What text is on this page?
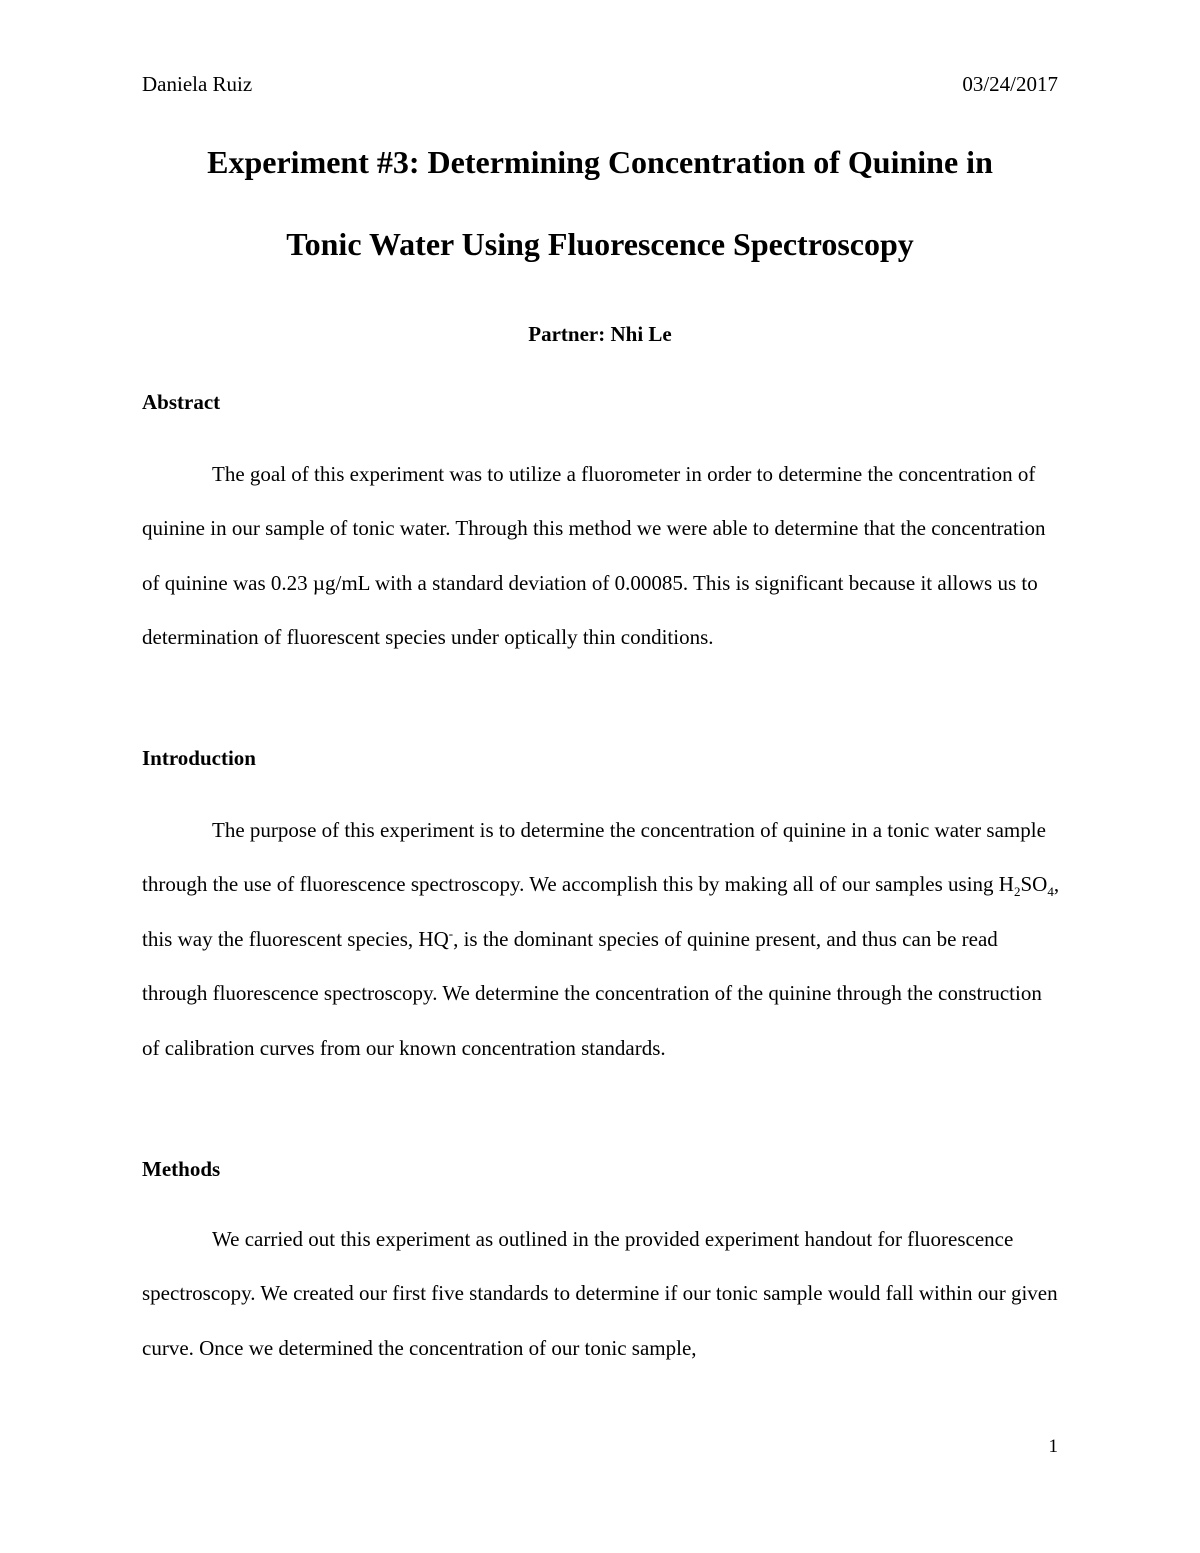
Daniela Ruiz	03/24/2017
Experiment #3: Determining Concentration of Quinine in
Tonic Water Using Fluorescence Spectroscopy
Partner: Nhi Le
Abstract

The goal of this experiment was to utilize a fluorometer in order to determine the concentration of quinine in our sample of tonic water. Through this method we were able to determine that the concentration of quinine was 0.23 µg/mL with a standard deviation of 0.00085. This is significant because it allows us to determination of fluorescent species under optically thin conditions.

Introduction

The purpose of this experiment is to determine the concentration of quinine in a tonic water sample through the use of fluorescence spectroscopy. We accomplish this by making all of our samples using $H_2SO_4$, this way the fluorescent species, HQ-, is the dominant species of quinine present, and thus can be read through fluorescence spectroscopy. We determine the concentration of the quinine through the construction of calibration curves from our known concentration standards.

Methods

We carried out this experiment as outlined in the provided experiment handout for fluorescence spectroscopy. We created our first five standards to determine if our tonic sample would fall within our given curve. Once we determined the concentration of our tonic sample,

1
